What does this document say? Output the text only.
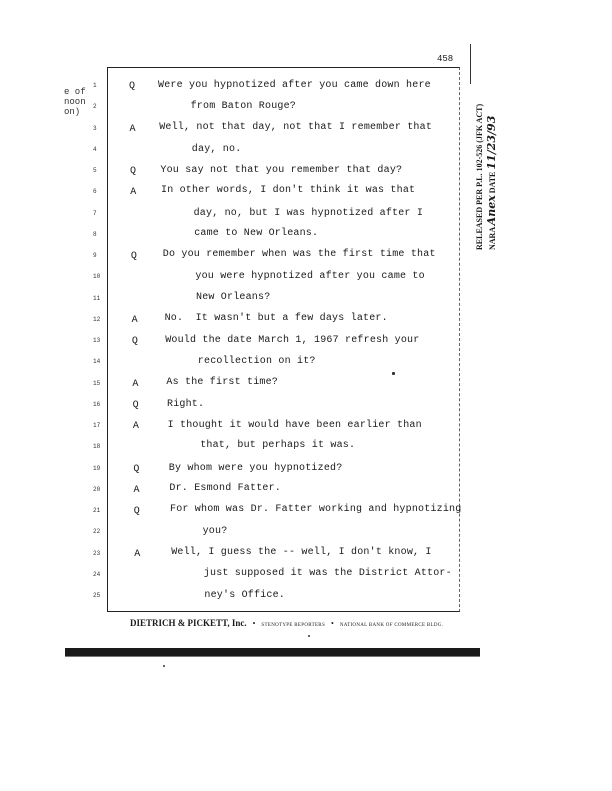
458
e of
noon
on)
1	Q Were you hypnotized after you came down here
2	from Baton Rouge?
3	A Well, not that day, not that I remember that
4	day, no.
5	Q You say not that you remember that day?
6	A In other words, I don't think it was that
7	day, no, but I was hypnotized after I
8	came to New Orleans.
9	Q	Do you remember when was the first time that
10	you were hypnotized after you came to
11	New Orleans?
12	A	No.  It wasn't but a few days later.
13	Q	Would the date March 1, 1967 refresh your
14	recollection on it?
15	A	As the first time?
16	Q	Right.
17	A	I thought it would have been earlier than
18	that, but perhaps it was.
19	Q	By whom were you hypnotized?
20	A	Dr. Esmond Fatter.
21	Q	For whom was Dr. Fatter working and hypnotizing
22	you?
23	A	Well, I guess the -- well, I don't know, I
24	just supposed it was the District Attor-
25	ney's Office.
DIETRICH & PICKETT, Inc. • STENOTYPE REPORTERS • NATIONAL BANK OF COMMERCE BLDG.
RELEASED PER P.L. 102-526 (JFK ACT) NARA Anex DATE 11/23/93
